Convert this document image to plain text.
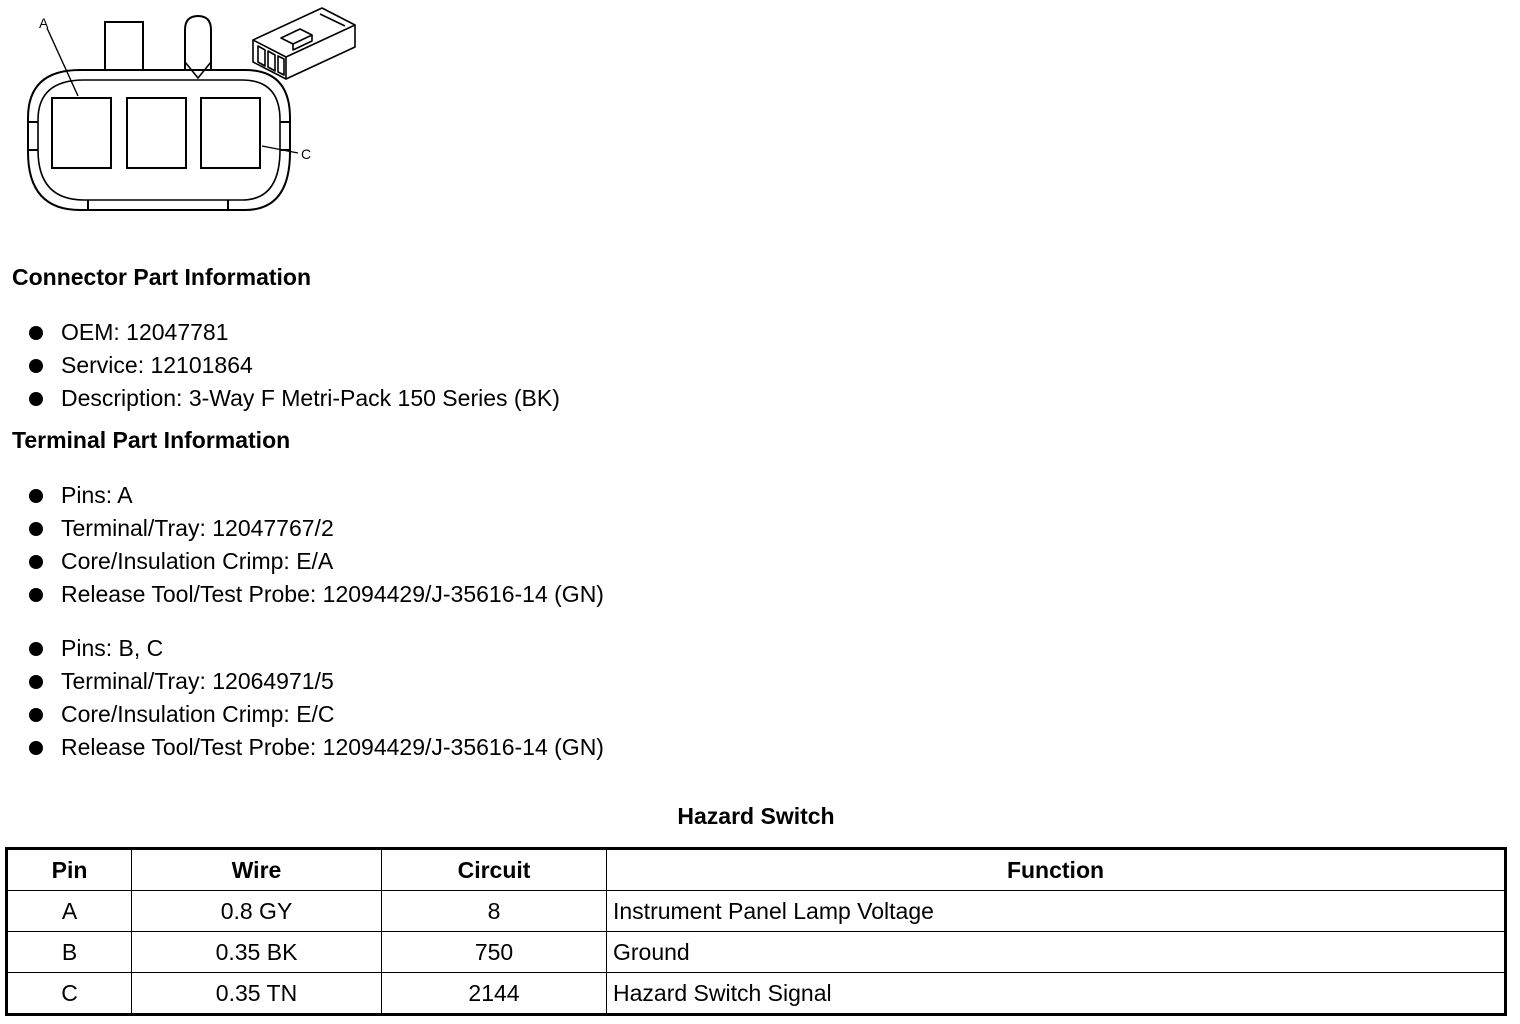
A
C
Connector Part Information
OEM: 12047781
Service: 12101864
Description: 3-Way F Metri-Pack 150 Series (BK)
Terminal Part Information
Pins: A
Terminal/Tray: 12047767/2
Core/Insulation Crimp: E/A
Release Tool/Test Probe: 12094429/J-35616-14 (GN)
Pins: B, C
Terminal/Tray: 12064971/5
Core/Insulation Crimp: E/C
Release Tool/Test Probe: 12094429/J-35616-14 (GN)
Hazard Switch
Pin	Wire	Circuit	Function
A	0.8 GY	8	Instrument Panel Lamp Voltage
B	0.35 BK	750	Ground
C	0.35 TN	2144	Hazard Switch Signal
